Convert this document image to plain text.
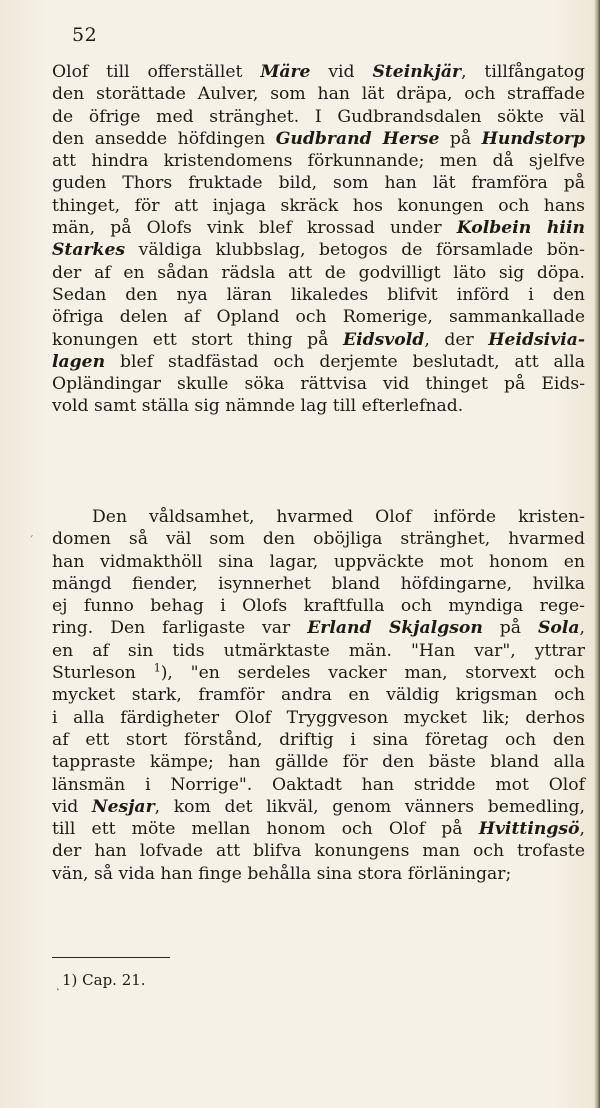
52
Olof till offerstället Märe vid Steinkjär, tillfångatog
den storättade Aulver, som han lät dräpa, och straffade
de öfrige med stränghet. I Gudbrandsdalen sökte väl
den ansedde höfdingen Gudbrand Herse på Hundstorp
att hindra kristendomens förkunnande; men då sjelfve
guden Thors fruktade bild, som han lät framföra på
thinget, för att injaga skräck hos konungen och hans
män, på Olofs vink blef krossad under Kolbein hiin
Starkes väldiga klubbslag, betogos de församlade bön-
der af en sådan rädsla att de godvilligt läto sig döpa.
Sedan den nya läran likaledes blifvit införd i den
öfriga delen af Opland och Romerige, sammankallade
konungen ett stort thing på Eidsvold, der Heidsivia-
lagen blef stadfästad och derjemte beslutadt, att alla
Opländingar skulle söka rättvisa vid thinget på Eids-
vold samt ställa sig nämnde lag till efterlefnad.
Den våldsamhet, hvarmed Olof införde kristen-
domen så väl som den oböjliga stränghet, hvarmed
han vidmakthöll sina lagar, uppväckte mot honom en
mängd fiender, isynnerhet bland höfdingarne, hvilka
ej funno behag i Olofs kraftfulla och myndiga rege-
ring. Den farligaste var Erland Skjalgson på Sola,
en af sin tids utmärktaste män. "Han var", yttrar
Sturleson $^1$), "en serdeles vacker man, storvext och
mycket stark, framför andra en väldig krigsman och
i alla färdigheter Olof Tryggveson mycket lik; derhos
af ett stort förstånd, driftig i sina företag och den
tappraste kämpe; han gällde för den bäste bland alla
länsmän i Norrige". Oaktadt han stridde mot Olof
vid Nesjar, kom det likväl, genom vänners bemedling,
till ett möte mellan honom och Olof på Hvittingsö,
der han lofvade att blifva konungens man och trofaste
vän, så vida han finge behålla sina stora förläningar;
1) Cap. 21.
´
˛
